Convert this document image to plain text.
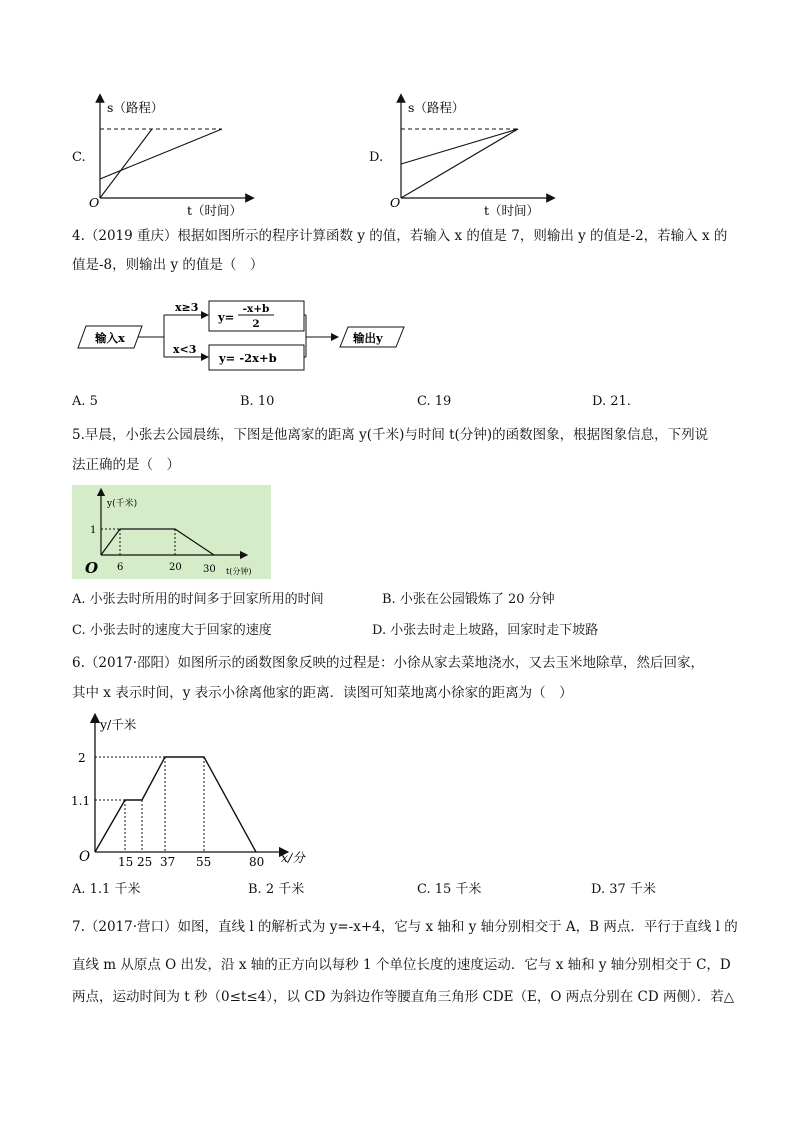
C.
s（路程）
t（时间）
O
D.
s（路程）
t（时间）
O
4.（2019 重庆）根据如图所示的程序计算函数 y 的值，若输入 x 的值是 7，则输出 y 的值是-2，若输入 x 的
值是-8，则输出 y 的值是（　）
输入x
x≥3
x<3
y=
-x+b
2
y= -2x+b
输出y
A. 5	B. 10	C. 19	D. 21.
5.早晨，小张去公园晨练，下图是他离家的距离 y(千米)与时间 t(分钟)的函数图象，根据图象信息，下列说
法正确的是（　）
y(千米)
t(分钟)
1
O 6	20 30
A. 小张去时所用的时间多于回家所用的时间	B. 小张在公园锻炼了 20 分钟
C. 小张去时的速度大于回家的速度	D. 小张去时走上坡路，回家时走下坡路
6.（2017·邵阳）如图所示的函数图象反映的过程是：小徐从家去菜地浇水，又去玉米地除草，然后回家，
其中 x 表示时间，y 表示小徐离他家的距离．读图可知菜地离小徐家的距离为（　）
y/千米
x/分
O
2
1.1
15 25 37 55	80
A. 1.1 千米	B. 2 千米	C. 15 千米	D. 37 千米
7.（2017·营口）如图，直线 l 的解析式为 y=-x+4，它与 x 轴和 y 轴分别相交于 A，B 两点．平行于直线 l 的
直线 m 从原点 O 出发，沿 x 轴的正方向以每秒 1 个单位长度的速度运动．它与 x 轴和 y 轴分别相交于 C，D
两点，运动时间为 t 秒（0≤t≤4），以 CD 为斜边作等腰直角三角形 CDE（E，O 两点分别在 CD 两侧）．若△
